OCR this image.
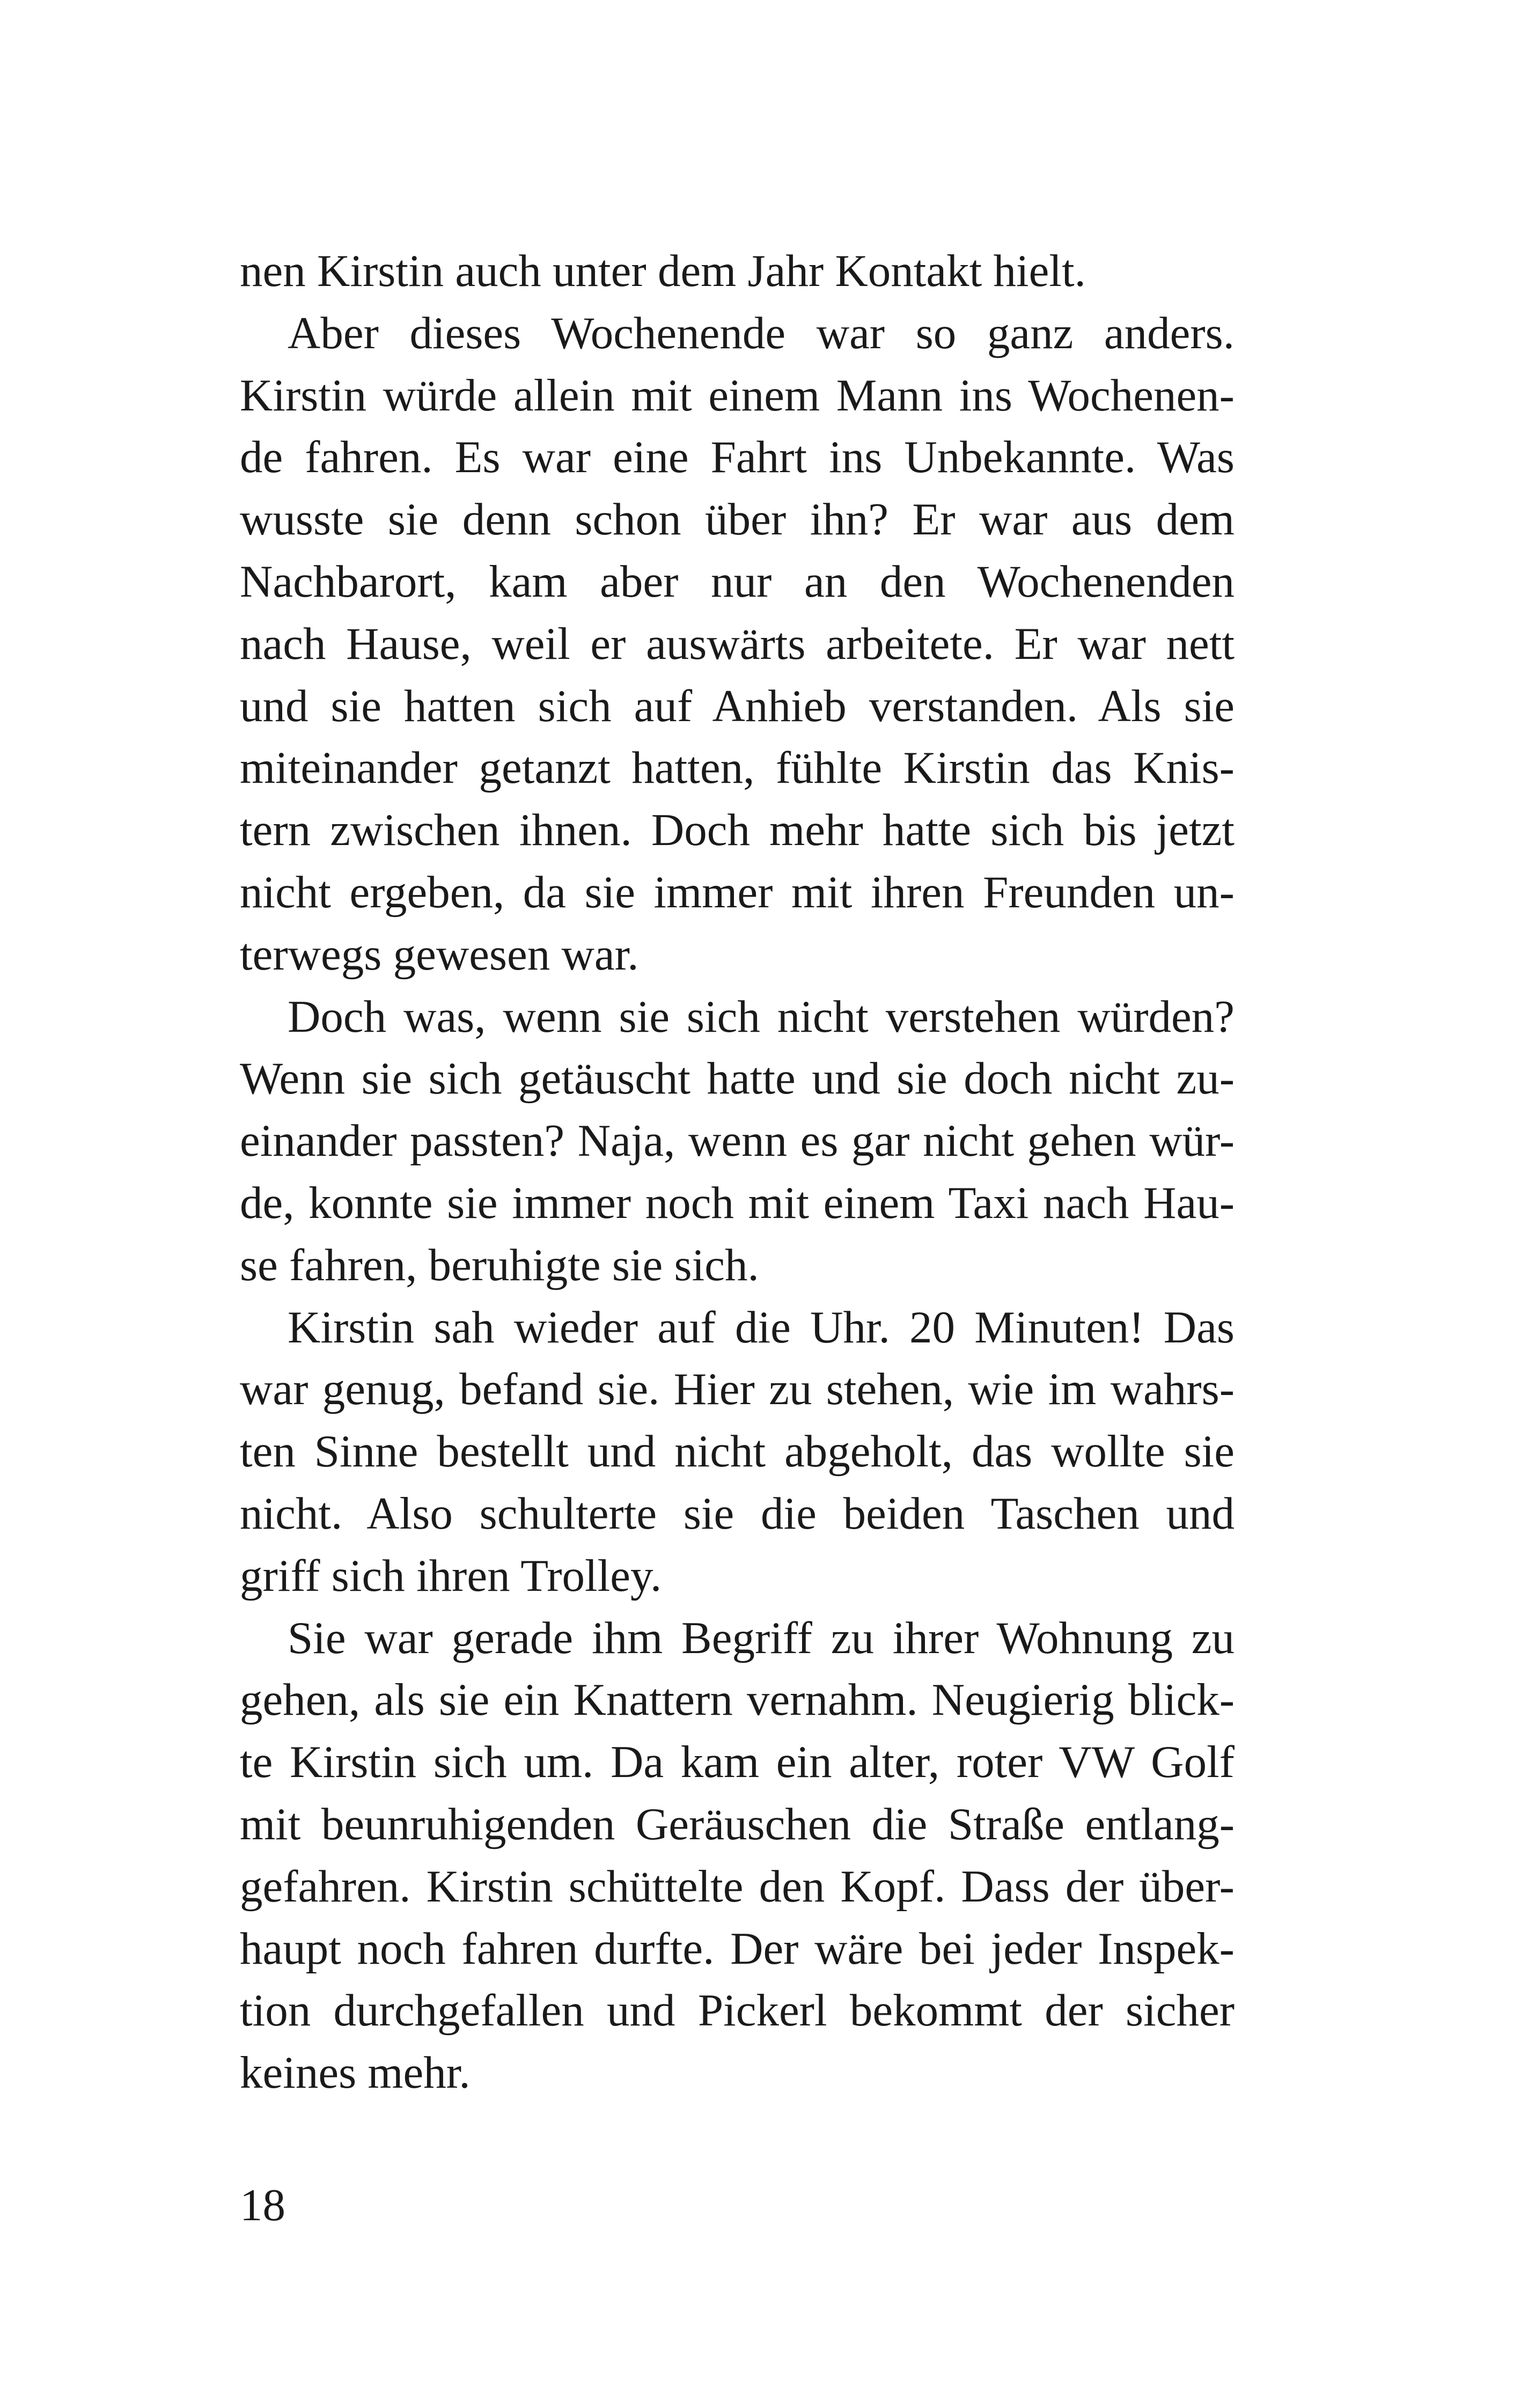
nen Kirstin auch unter dem Jahr Kontakt hielt.
Aber dieses Wochenende war so ganz anders.
Kirstin würde allein mit einem Mann ins Wochenen-
de fahren. Es war eine Fahrt ins Unbekannte. Was
wusste sie denn schon über ihn? Er war aus dem
Nachbarort, kam aber nur an den Wochenenden
nach Hause, weil er auswärts arbeitete. Er war nett
und sie hatten sich auf Anhieb verstanden. Als sie
miteinander getanzt hatten, fühlte Kirstin das Knis-
tern zwischen ihnen. Doch mehr hatte sich bis jetzt
nicht ergeben, da sie immer mit ihren Freunden un-
terwegs gewesen war.
Doch was, wenn sie sich nicht verstehen würden?
Wenn sie sich getäuscht hatte und sie doch nicht zu-
einander passten? Naja, wenn es gar nicht gehen wür-
de, konnte sie immer noch mit einem Taxi nach Hau-
se fahren, beruhigte sie sich.
Kirstin sah wieder auf die Uhr. 20 Minuten! Das
war genug, befand sie. Hier zu stehen, wie im wahrs-
ten Sinne bestellt und nicht abgeholt, das wollte sie
nicht. Also schulterte sie die beiden Taschen und
griff sich ihren Trolley.
Sie war gerade ihm Begriff zu ihrer Wohnung zu
gehen, als sie ein Knattern vernahm. Neugierig blick-
te Kirstin sich um. Da kam ein alter, roter VW Golf
mit beunruhigenden Geräuschen die Straße entlang-
gefahren. Kirstin schüttelte den Kopf. Dass der über-
haupt noch fahren durfte. Der wäre bei jeder Inspek-
tion durchgefallen und Pickerl bekommt der sicher
keines mehr.
18
